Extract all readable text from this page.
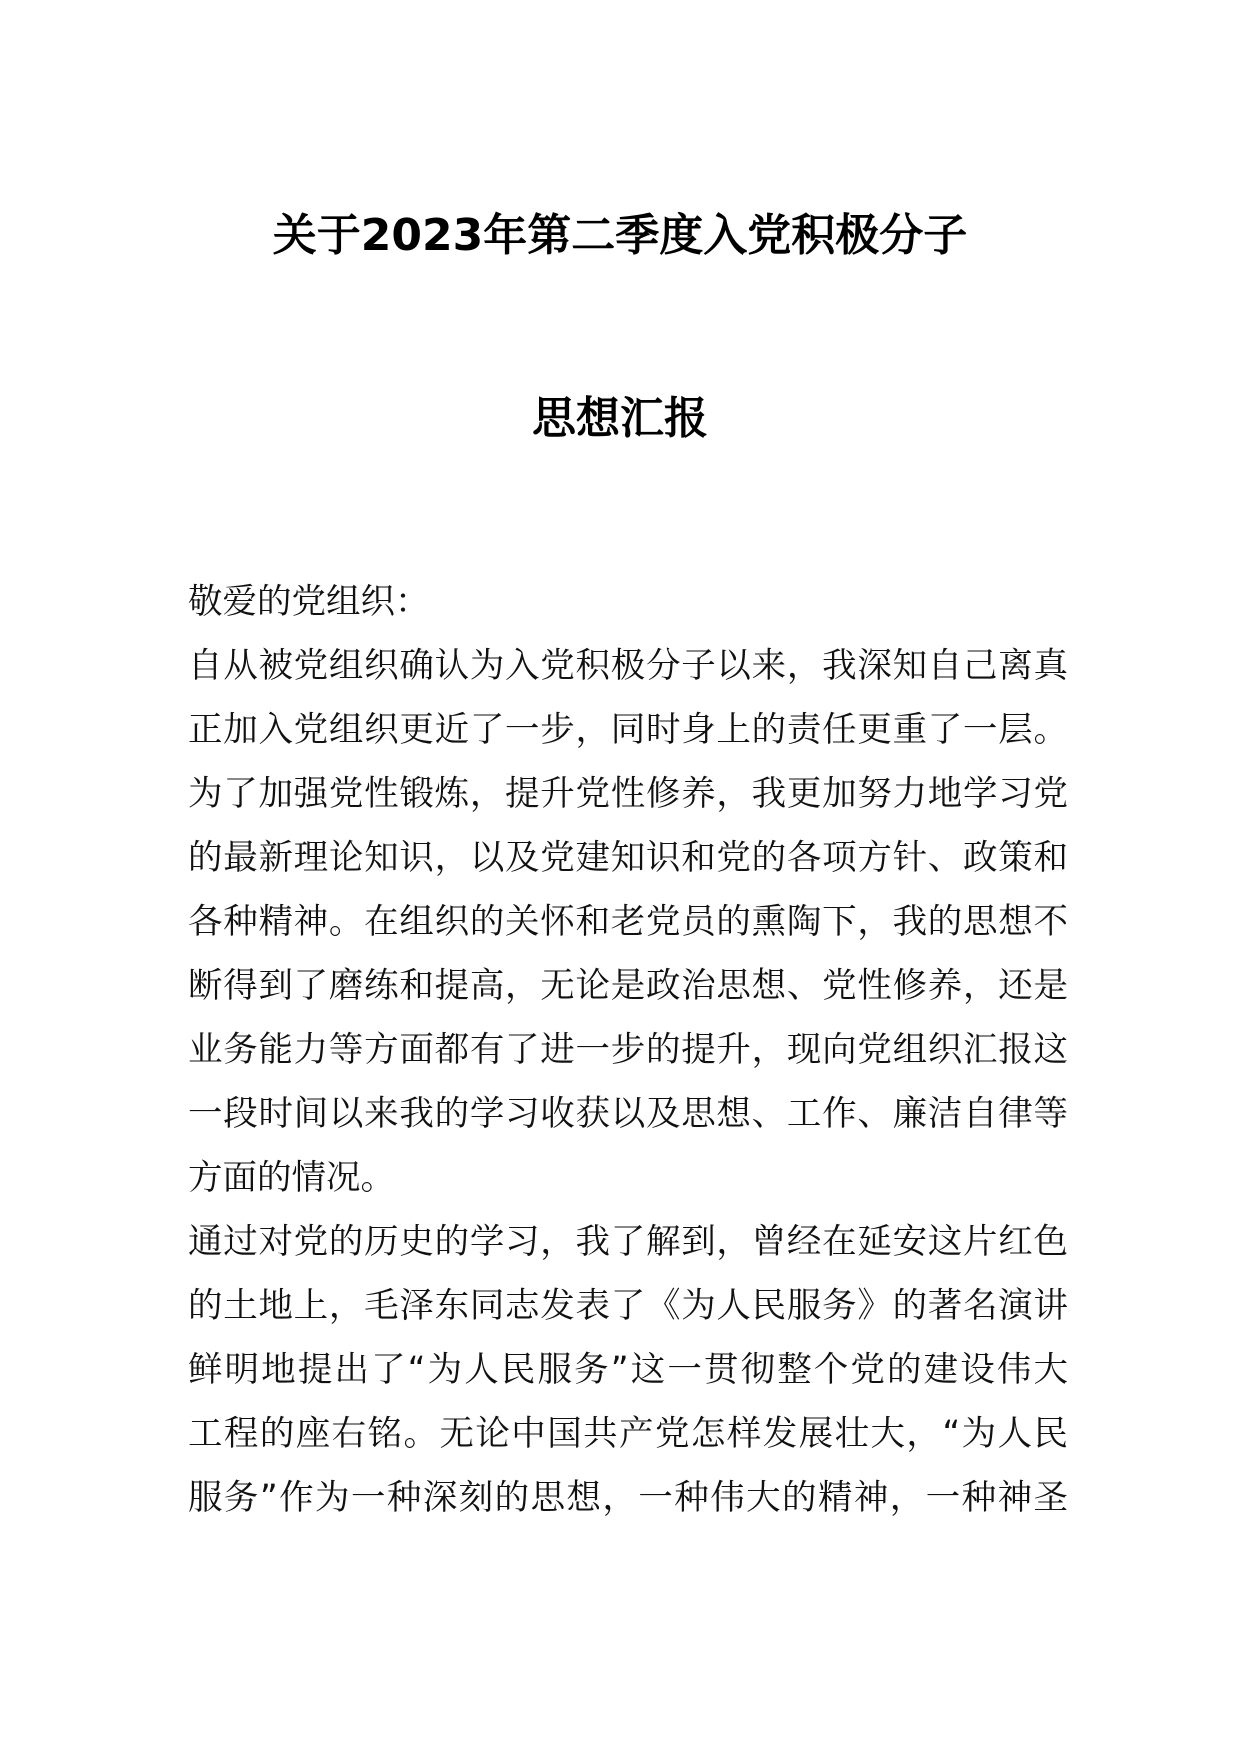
关于2023年第二季度入党积极分子
思想汇报
敬爱的党组织：
自从被党组织确认为入党积极分子以来，我深知自己离真
正加入党组织更近了一步，同时身上的责任更重了一层。
为了加强党性锻炼，提升党性修养，我更加努力地学习党
的最新理论知识，以及党建知识和党的各项方针、政策和
各种精神。在组织的关怀和老党员的熏陶下，我的思想不
断得到了磨练和提高，无论是政治思想、党性修养，还是
业务能力等方面都有了进一步的提升，现向党组织汇报这
一段时间以来我的学习收获以及思想、工作、廉洁自律等
方面的情况。
通过对党的历史的学习，我了解到，曾经在延安这片红色
的土地上，毛泽东同志发表了《为人民服务》的著名演讲
鲜明地提出了“为人民服务”这一贯彻整个党的建设伟大
工程的座右铭。无论中国共产党怎样发展壮大，“为人民
服务”作为一种深刻的思想，一种伟大的精神，一种神圣
